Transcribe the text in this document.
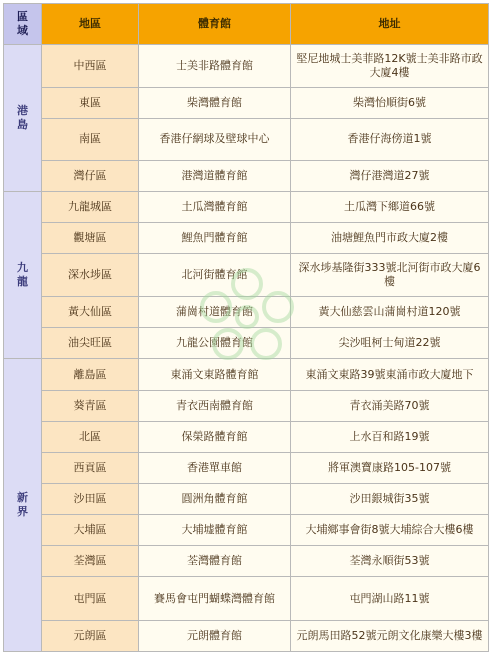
區域	地區	體育館	地址
港島	中西區	士美非路體育館	堅尼地城士美菲路12K號士美非路市政大廈4樓
	東區	柴灣體育館	柴灣怡順街6號
	南區	香港仔網球及壁球中心	香港仔海傍道1號
	灣仔區	港灣道體育館	灣仔港灣道27號
九龍	九龍城區	土瓜灣體育館	土瓜灣下鄉道66號
	觀塘區	鯉魚門體育館	油塘鯉魚門市政大廈2樓
	深水埗區	北河街體育館	深水埗基隆街333號北河街市政大廈6樓
	黃大仙區	蒲崗村道體育館	黃大仙慈雲山蒲崗村道120號
	油尖旺區	九龍公園體育館	尖沙咀柯士甸道22號
新界	離島區	東涌文東路體育館	東涌文東路39號東涌市政大廈地下
	葵青區	青衣西南體育館	青衣涌美路70號
	北區	保榮路體育館	上水百和路19號
	西貢區	香港單車館	將軍澳寶康路105-107號
	沙田區	圓洲角體育館	沙田銀城街35號
	大埔區	大埔墟體育館	大埔鄉事會街8號大埔綜合大樓6樓
	荃灣區	荃灣體育館	荃灣永順街53號
	屯門區	賽馬會屯門蝴蝶灣體育館	屯門湖山路11號
	元朗區	元朗體育館	元朗馬田路52號元朗文化康樂大樓3樓
